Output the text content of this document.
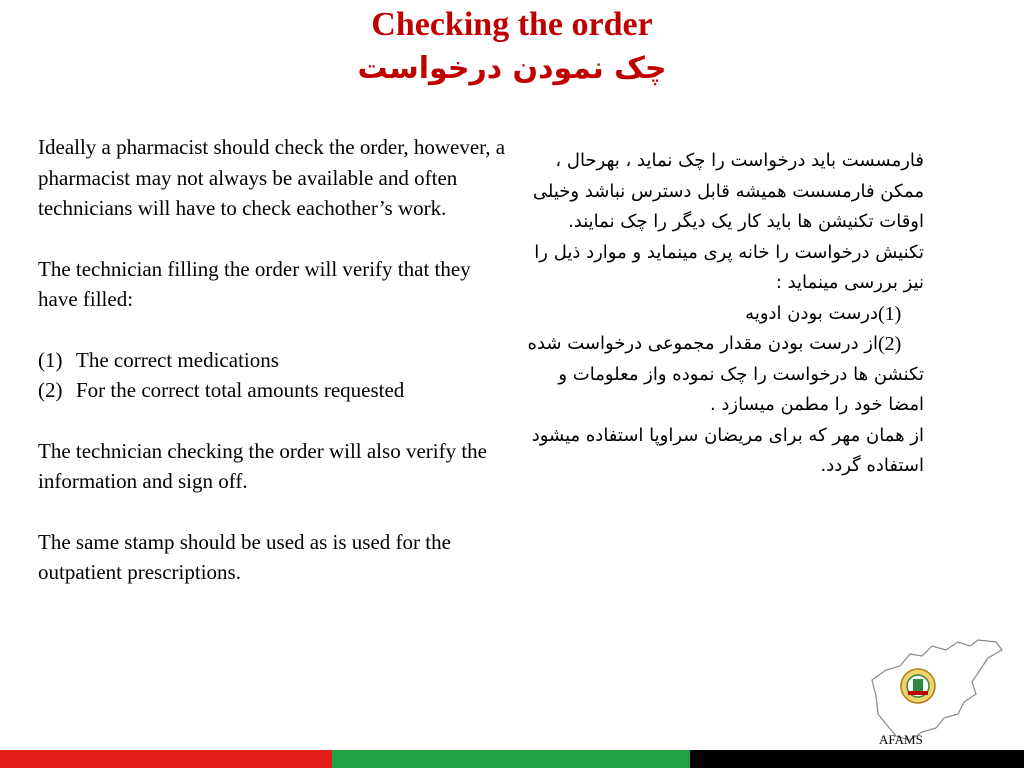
Checking the order
چک نمودن درخواست

Ideally a pharmacist should check the order, however, a pharmacist may not always be available and often technicians will have to check eachother’s work.

The technician filling the order will verify that they have filled:

(1) The correct medications
(2) For the correct total amounts requested

The technician checking the order will also verify the information and sign off.

The same stamp should be used as is used for the outpatient prescriptions.

فارمسست باید درخواست را چک نماید ، بهرحال ، ممکن فارمسست همیشه قابل دسترس نباشد وخیلی اوقات تکنیشن ها باید کار یک دیگر را چک نمایند.

تکنیش درخواست را خانه پری مینماید و موارد ذیل را نیز بررسی مینماید :

(1)
درست بودن ادویه
(2)
از درست بودن مقدار مجموعی درخواست شده

تکنشن ها درخواست را چک نموده واز معلومات و امضا خود را مطمن میسازد .

از همان مهر که برای مریضان سراوپا استفاده میشود استفاده گردد.

AFAMS
